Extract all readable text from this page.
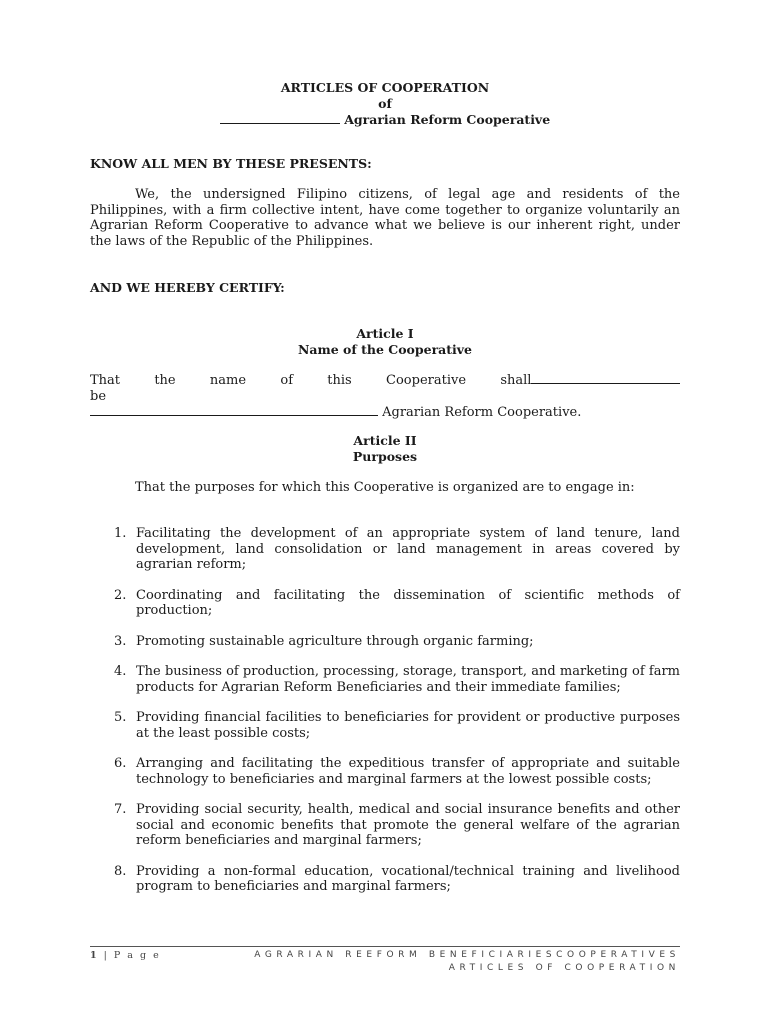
ARTICLES OF COOPERATION
of
Agrarian Reform Cooperative
KNOW ALL MEN BY THESE PRESENTS:
We, the undersigned Filipino citizens, of legal age and residents of the Philippines, with a firm collective intent, have come together to organize voluntarily an Agrarian Reform Cooperative to advance what we believe is our inherent right, under the laws of the Republic of the Philippines.
AND WE HEREBY CERTIFY:
Article I
Name of the Cooperative
That the name of this Cooperative shall be
Agrarian Reform Cooperative.
Article II
Purposes
That the purposes for which this Cooperative is organized are to engage in:
1. Facilitating the development of an appropriate system of land tenure, land development, land consolidation or land management in areas covered by agrarian reform;
2. Coordinating and facilitating the dissemination of scientific methods of production;
3. Promoting sustainable agriculture through organic farming;
4. The business of production, processing, storage, transport, and marketing of farm products for Agrarian Reform Beneficiaries and their immediate families;
5. Providing financial facilities to beneficiaries for provident or productive purposes at the least possible costs;
6. Arranging and facilitating the expeditious transfer of appropriate and suitable technology to beneficiaries and marginal farmers at the lowest possible costs;
7. Providing social security, health, medical and social insurance benefits and other social and economic benefits that promote the general welfare of the agrarian reform beneficiaries and marginal farmers;
8. Providing a non-formal education, vocational/technical training and livelihood program to beneficiaries and marginal farmers;
1 | P a g e	AGRARIAN REEFORM BENEFICIARIESCOOPERATIVES
ARTICLES OF COOPERATION
